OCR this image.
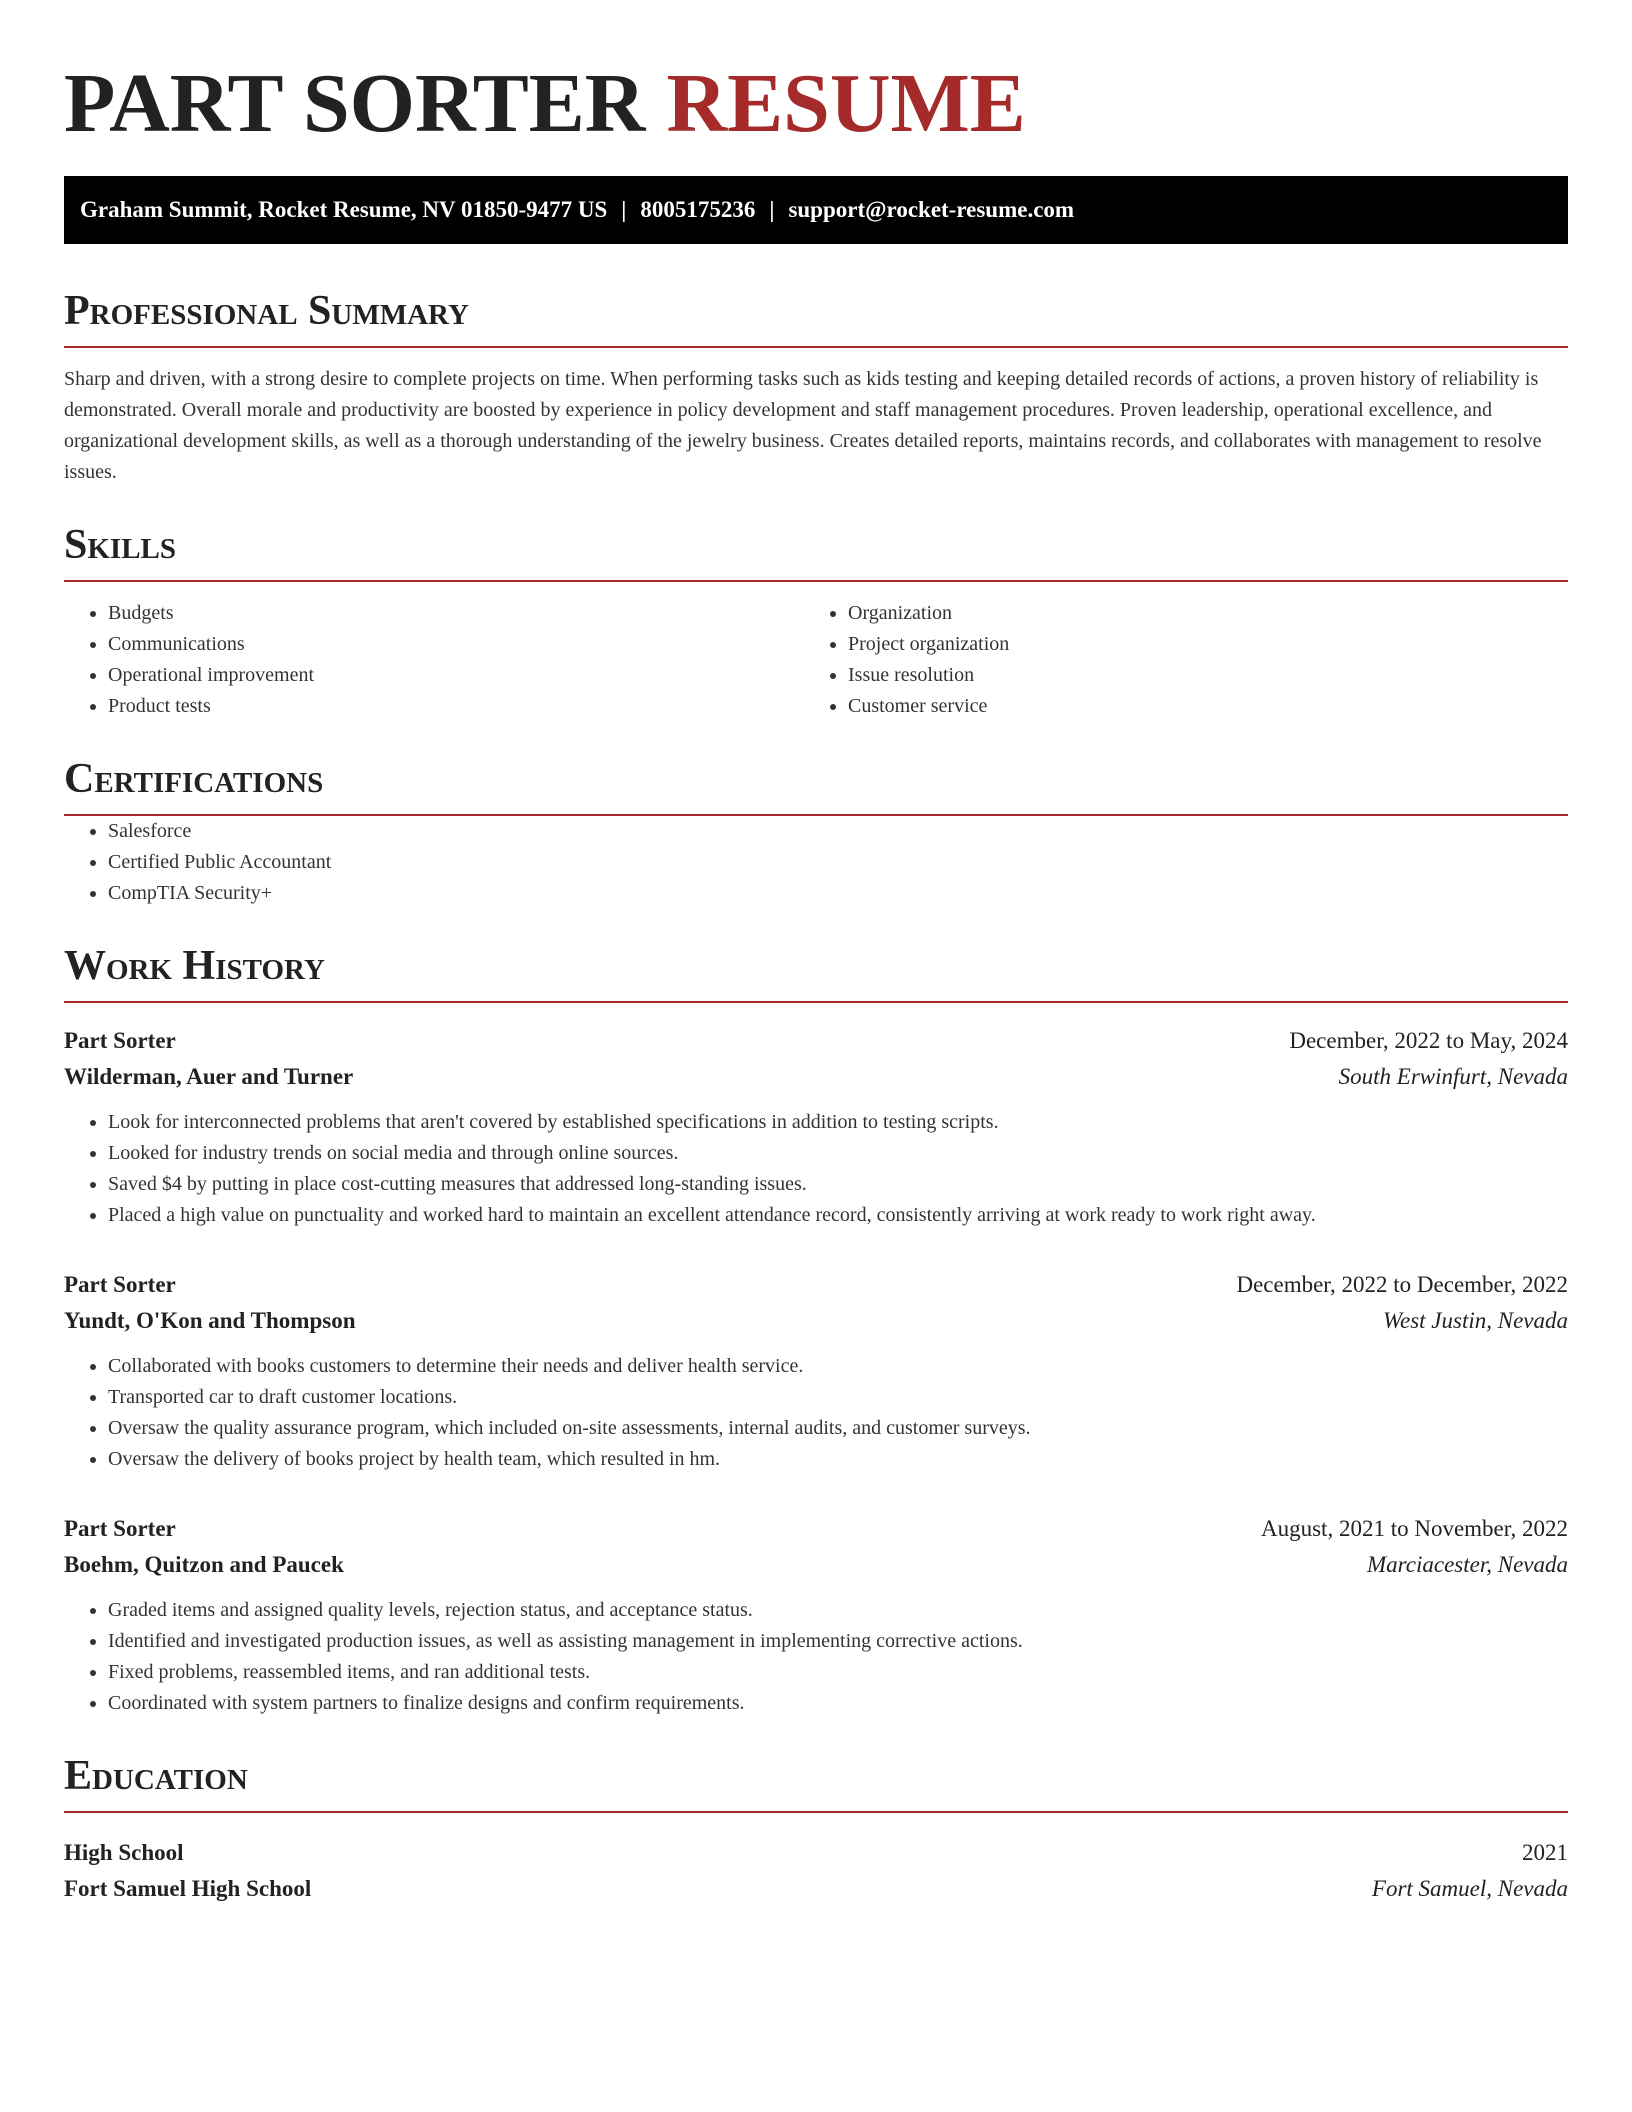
PART SORTER RESUME
Graham Summit, Rocket Resume, NV 01850-9477 US | 8005175236 | support@rocket-resume.com
Professional Summary

Sharp and driven, with a strong desire to complete projects on time. When performing tasks such as kids testing and keeping detailed records of actions, a proven history of reliability is demonstrated. Overall morale and productivity are boosted by experience in policy development and staff management procedures. Proven leadership, operational excellence, and organizational development skills, as well as a thorough understanding of the jewelry business. Creates detailed reports, maintains records, and collaborates with management to resolve issues.

Skills
• Budgets
• Communications
• Operational improvement
• Product tests
• Organization
• Project organization
• Issue resolution
• Customer service
Certifications
• Salesforce
• Certified Public Accountant
• CompTIA Security+
Work History
Part Sorter	December, 2022 to May, 2024
Wilderman, Auer and Turner	South Erwinfurt, Nevada
• Look for interconnected problems that aren't covered by established specifications in addition to testing scripts.
• Looked for industry trends on social media and through online sources.
• Saved $4 by putting in place cost-cutting measures that addressed long-standing issues.
• Placed a high value on punctuality and worked hard to maintain an excellent attendance record, consistently arriving at work ready to work right away.
Part Sorter	December, 2022 to December, 2022
Yundt, O'Kon and Thompson	West Justin, Nevada
• Collaborated with books customers to determine their needs and deliver health service.
• Transported car to draft customer locations.
• Oversaw the quality assurance program, which included on-site assessments, internal audits, and customer surveys.
• Oversaw the delivery of books project by health team, which resulted in hm.
Part Sorter	August, 2021 to November, 2022
Boehm, Quitzon and Paucek	Marciacester, Nevada
• Graded items and assigned quality levels, rejection status, and acceptance status.
• Identified and investigated production issues, as well as assisting management in implementing corrective actions.
• Fixed problems, reassembled items, and ran additional tests.
• Coordinated with system partners to finalize designs and confirm requirements.
Education
High School	2021
Fort Samuel High School	Fort Samuel, Nevada
